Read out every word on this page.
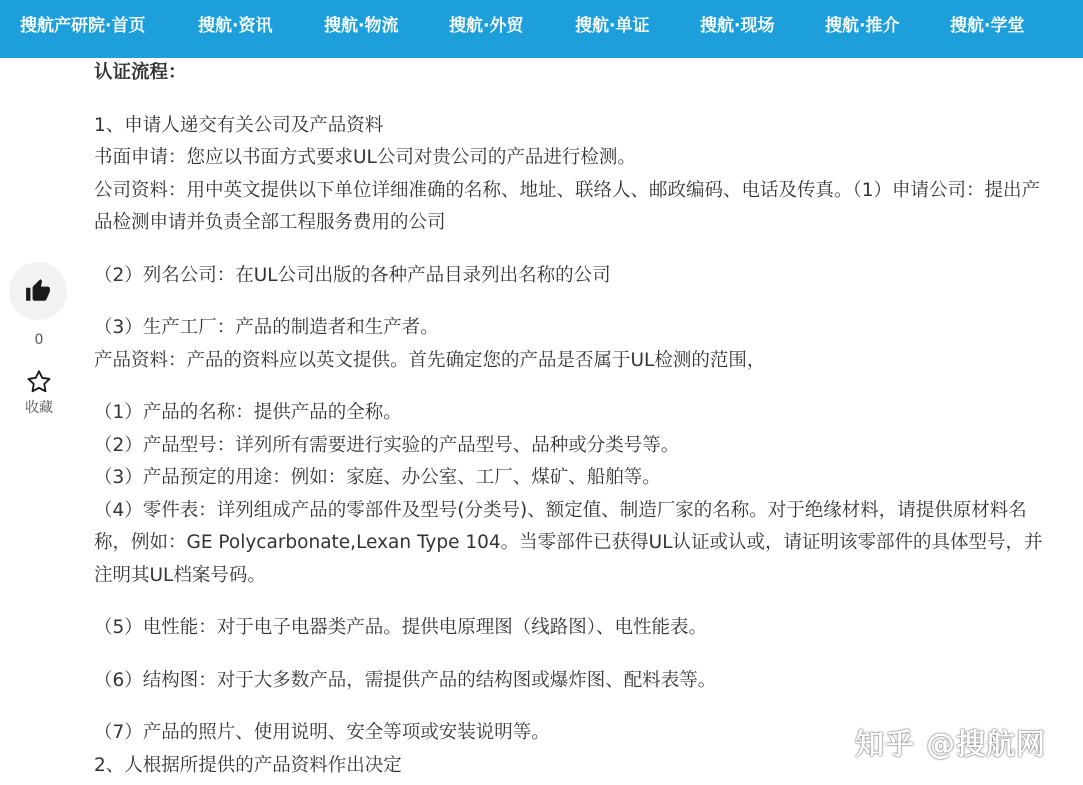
搜航产研院·首页	搜航·资讯	搜航·物流	搜航·外贸	搜航·单证	搜航·现场	搜航·推介	搜航·学堂
0
收藏

认证流程：

1、申请人递交有关公司及产品资料

书面申请：您应以书面方式要求UL公司对贵公司的产品进行检测。

公司资料：用中英文提供以下单位详细准确的名称、地址、联络人、邮政编码、电话及传真。（1）申请公司：提出产品检测申请并负责全部工程服务费用的公司

（2）列名公司：在UL公司出版的各种产品目录列出名称的公司

（3）生产工厂：产品的制造者和生产者。

产品资料：产品的资料应以英文提供。首先确定您的产品是否属于UL检测的范围，

（1）产品的名称：提供产品的全称。

（2）产品型号：详列所有需要进行实验的产品型号、品种或分类号等。

（3）产品预定的用途：例如：家庭、办公室、工厂、煤矿、船舶等。

（4）零件表：详列组成产品的零部件及型号(分类号)、额定值、制造厂家的名称。对于绝缘材料，请提供原材料名称，例如：GE Polycarbonate,Lexan Type 104。当零部件已获得UL认证或认或，请证明该零部件的具体型号，并注明其UL档案号码。

（5）电性能：对于电子电器类产品。提供电原理图（线路图）、电性能表。

（6）结构图：对于大多数产品，需提供产品的结构图或爆炸图、配料表等。

（7）产品的照片、使用说明、安全等项或安装说明等。

2、人根据所提供的产品资料作出决定

知乎 @搜航网
